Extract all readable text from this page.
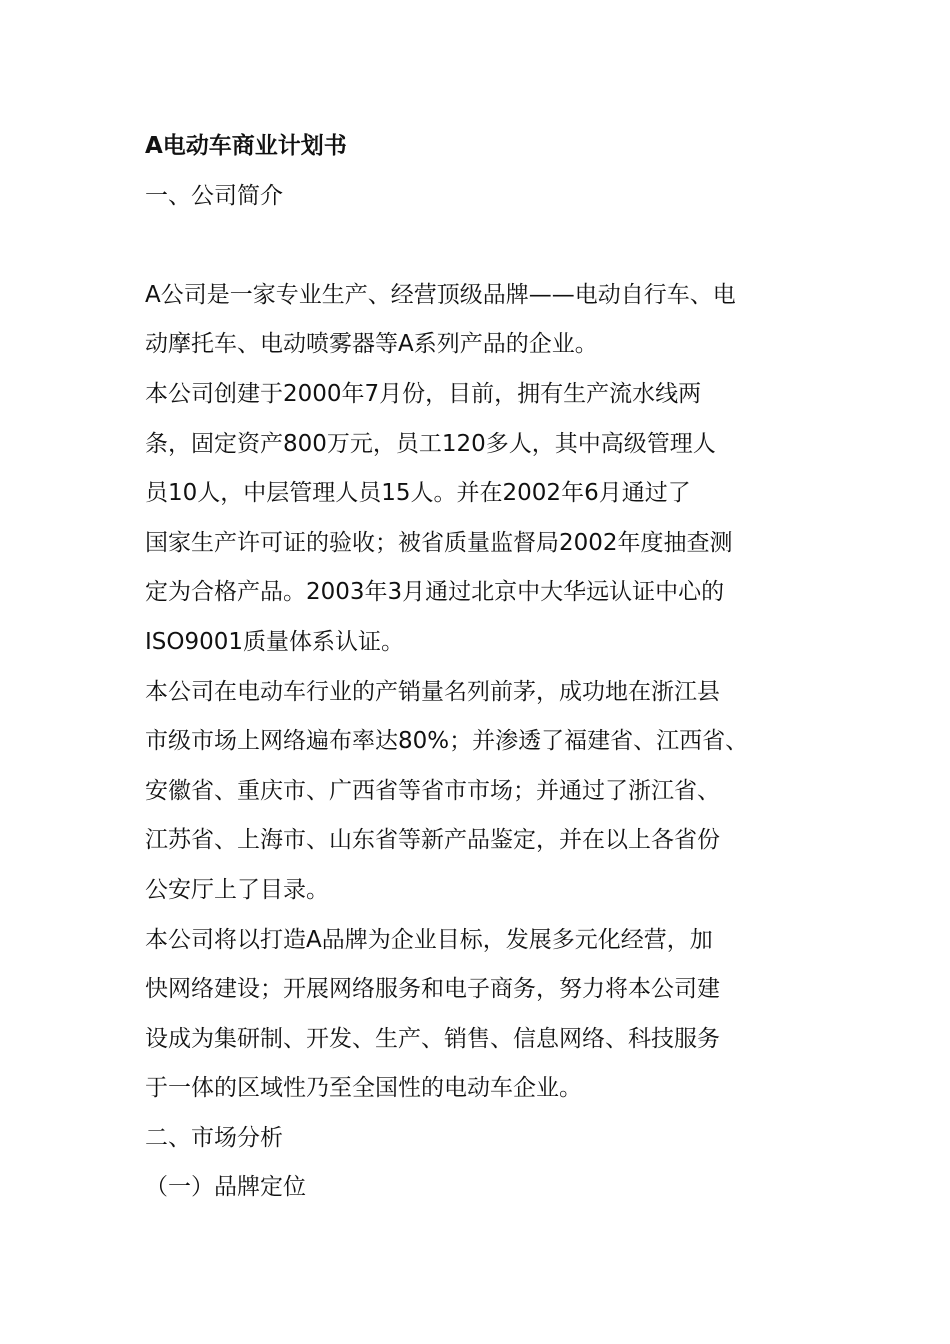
A电动车商业计划书

一、公司简介

A公司是一家专业生产、经营顶级品牌——电动自行车、电

动摩托车、电动喷雾器等A系列产品的企业。

本公司创建于2000年7月份，目前，拥有生产流水线两

条，固定资产800万元，员工120多人，其中高级管理人

员10人，中层管理人员15人。并在2002年6月通过了

国家生产许可证的验收；被省质量监督局2002年度抽查测

定为合格产品。2003年3月通过北京中大华远认证中心的

ISO9001质量体系认证。

本公司在电动车行业的产销量名列前茅，成功地在浙江县

市级市场上网络遍布率达80%；并渗透了福建省、江西省、

安徽省、重庆市、广西省等省市市场；并通过了浙江省、

江苏省、上海市、山东省等新产品鉴定，并在以上各省份

公安厅上了目录。

本公司将以打造A品牌为企业目标，发展多元化经营，加

快网络建设；开展网络服务和电子商务，努力将本公司建

设成为集研制、开发、生产、销售、信息网络、科技服务

于一体的区域性乃至全国性的电动车企业。

二、市场分析

（一）品牌定位
